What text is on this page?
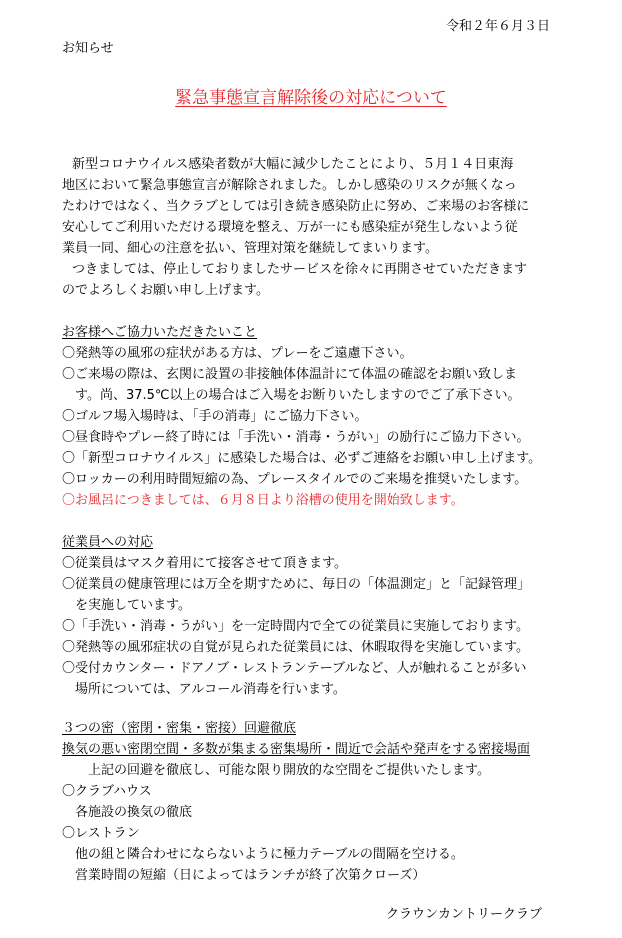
令和２年６月３日
お知らせ
緊急事態宣言解除後の対応について
新型コロナウイルス感染者数が大幅に減少したことにより、５月１４日東海
地区において緊急事態宣言が解除されました。しかし感染のリスクが無くなっ
たわけではなく、当クラブとしては引き続き感染防止に努め、ご来場のお客様に
安心してご利用いただける環境を整え、万が一にも感染症が発生しないよう従
業員一同、細心の注意を払い、管理対策を継続してまいります。
つきましては、停止しておりましたサービスを徐々に再開させていただきます
のでよろしくお願い申し上げます。
お客様へご協力いただきたいこと
〇発熱等の風邪の症状がある方は、プレーをご遠慮下さい。
〇ご来場の際は、玄関に設置の非接触体体温計にて体温の確認をお願い致しま
す。尚、37.5℃以上の場合はご入場をお断りいたしますのでご了承下さい。
〇ゴルフ場入場時は、「手の消毒」にご協力下さい。
〇昼食時やプレー終了時には「手洗い・消毒・うがい」の励行にご協力下さい。
〇「新型コロナウイルス」に感染した場合は、必ずご連絡をお願い申し上げます。
〇ロッカーの利用時間短縮の為、プレースタイルでのご来場を推奨いたします。
〇お風呂につきましては、６月８日より浴槽の使用を開始致します。
従業員への対応
〇従業員はマスク着用にて接客させて頂きます。
〇従業員の健康管理には万全を期すために、毎日の「体温測定」と「記録管理」
を実施しています。
〇「手洗い・消毒・うがい」を一定時間内で全ての従業員に実施しております。
〇発熱等の風邪症状の自覚が見られた従業員には、休暇取得を実施しています。
〇受付カウンター・ドアノブ・レストランテーブルなど、人が触れることが多い
場所については、アルコール消毒を行います。
３つの密（密閉・密集・密接）回避徹底
換気の悪い密閉空間・多数が集まる密集場所・間近で会話や発声をする密接場面
上記の回避を徹底し、可能な限り開放的な空間をご提供いたします。
〇クラブハウス
各施設の換気の徹底
〇レストラン
他の組と隣合わせにならないように極力テーブルの間隔を空ける。
営業時間の短縮（日によってはランチが終了次第クローズ）
クラウンカントリークラブ
